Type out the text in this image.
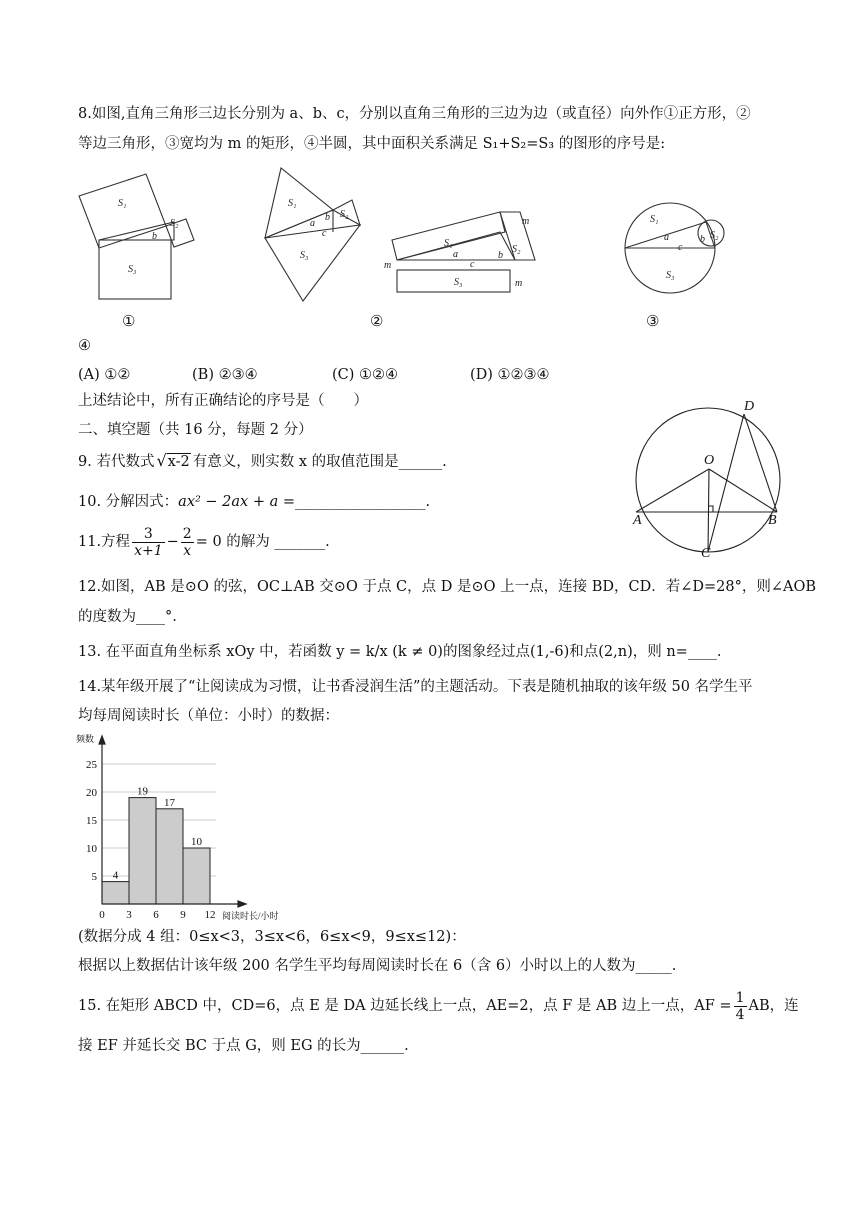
8.如图,直角三角形三边长分别为 a、b、c，分别以直角三角形的三边为边（或直径）向外作①正方形，②
等边三角形，③宽均为 m 的矩形，④半圆，其中面积关系满足 S₁+S₂=S₃ 的图形的序号是:
S₁
S₂
S₃
b
S₁
S₂
S₃
a
c
b
S₁
S₂
S₃
a
c
b
m
m
m
S₁
S₂
S₃
a
c
b
①	②	③
④
(A) ①②	(B) ②③④	(C) ①②④	(D) ①②③④
上述结论中，所有正确结论的序号是（　　）
二、填空题（共 16 分，每题 2 分）
9. 若代数式 √x-2 有意义，则实数 x 的取值范围是______.
10. 分解因式：ax² − 2ax + a =__________________.
11.方程 $\frac{3}{x+1} - \frac{2}{x} = 0$ 的解为 _______.
O
A	B
C
D
12.如图，AB 是⊙O 的弦，OC⊥AB 交⊙O 于点 C，点 D 是⊙O 上一点，连接 BD，CD．若∠D=28°，则∠AOB
的度数为____°.
13. 在平面直角坐标系 xOy 中，若函数 y = k/x (k ≠ 0)的图象经过点(1,-6)和点(2,n)，则 n=____.
14.某年级开展了“让阅读成为习惯，让书香浸润生活”的主题活动。下表是随机抽取的该年级 50 名学生平
均每周阅读时长（单位：小时）的数据：
5
10
15
20
25
4
19
17
10
0 3 6 9 12
频数
阅读时长/小时
(数据分成 4 组：0≤x<3，3≤x<6，6≤x<9，9≤x≤12)：
根据以上数据估计该年级 200 名学生平均每周阅读时长在 6（含 6）小时以上的人数为_____.
15. 在矩形 ABCD 中，CD=6，点 E 是 DA 边延长线上一点，AE=2，点 F 是 AB 边上一点，AF = $\frac{1}{4}$ AB，连
接 EF 并延长交 BC 于点 G，则 EG 的长为______.
